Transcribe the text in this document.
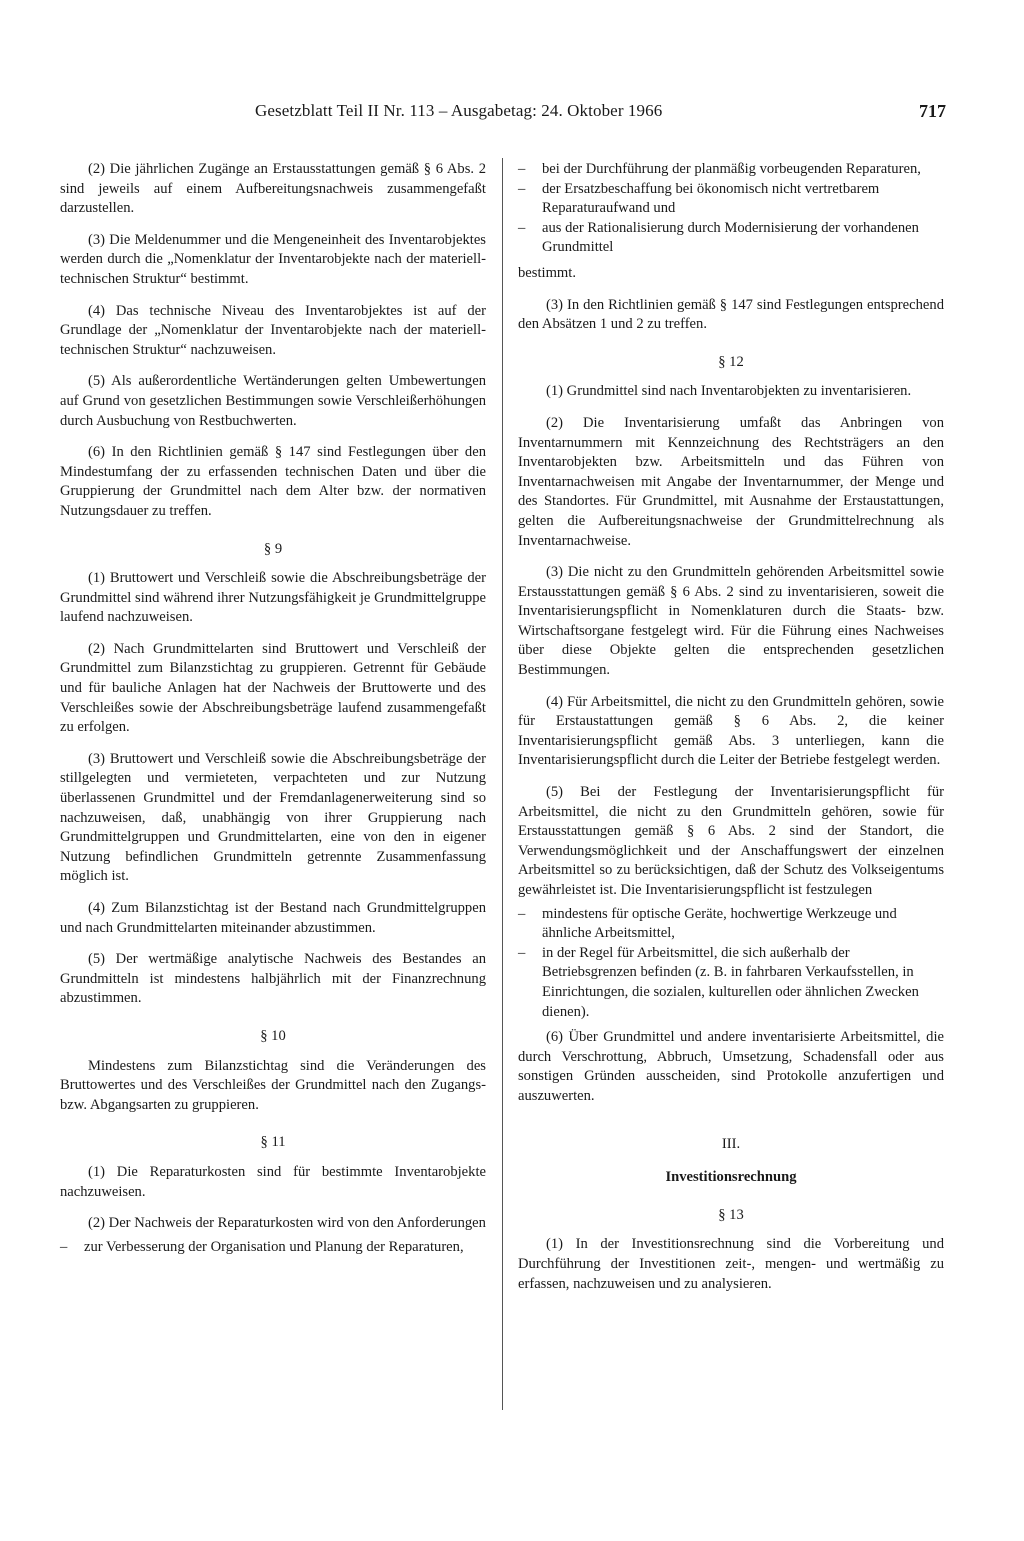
Gesetzblatt Teil II Nr. 113 – Ausgabetag: 24. Oktober 1966	717

(2) Die jährlichen Zugänge an Erstausstattungen gemäß § 6 Abs. 2 sind jeweils auf einem Aufbereitungsnachweis zusammengefaßt darzustellen.

(3) Die Meldenummer und die Mengeneinheit des Inventarobjektes werden durch die „Nomenklatur der Inventarobjekte nach der materiell-technischen Struktur“ bestimmt.

(4) Das technische Niveau des Inventarobjektes ist auf der Grundlage der „Nomenklatur der Inventarobjekte nach der materiell-technischen Struktur“ nachzuweisen.

(5) Als außerordentliche Wertänderungen gelten Umbewertungen auf Grund von gesetzlichen Bestimmungen sowie Verschleißerhöhungen durch Ausbuchung von Restbuchwerten.

(6) In den Richtlinien gemäß § 147 sind Festlegungen über den Mindestumfang der zu erfassenden technischen Daten und über die Gruppierung der Grundmittel nach dem Alter bzw. der normativen Nutzungsdauer zu treffen.

§ 9

(1) Bruttowert und Verschleiß sowie die Abschreibungsbeträge der Grundmittel sind während ihrer Nutzungsfähigkeit je Grundmittelgruppe laufend nachzuweisen.

(2) Nach Grundmittelarten sind Bruttowert und Verschleiß der Grundmittel zum Bilanzstichtag zu gruppieren. Getrennt für Gebäude und für bauliche Anlagen hat der Nachweis der Bruttowerte und des Verschleißes sowie der Abschreibungsbeträge laufend zusammengefaßt zu erfolgen.

(3) Bruttowert und Verschleiß sowie die Abschreibungsbeträge der stillgelegten und vermieteten, verpachteten und zur Nutzung überlassenen Grundmittel und der Fremdanlagenerweiterung sind so nachzuweisen, daß, unabhängig von ihrer Gruppierung nach Grundmittelgruppen und Grundmittelarten, eine von den in eigener Nutzung befindlichen Grundmitteln getrennte Zusammenfassung möglich ist.

(4) Zum Bilanzstichtag ist der Bestand nach Grundmittelgruppen und nach Grundmittelarten miteinander abzustimmen.

(5) Der wertmäßige analytische Nachweis des Bestandes an Grundmitteln ist mindestens halbjährlich mit der Finanzrechnung abzustimmen.

§ 10

Mindestens zum Bilanzstichtag sind die Veränderungen des Bruttowertes und des Verschleißes der Grundmittel nach den Zugangs- bzw. Abgangsarten zu gruppieren.

§ 11

(1) Die Reparaturkosten sind für bestimmte Inventarobjekte nachzuweisen.

(2) Der Nachweis der Reparaturkosten wird von den Anforderungen

– zur Verbesserung der Organisation und Planung der Reparaturen,
– bei der Durchführung der planmäßig vorbeugenden Reparaturen,
– der Ersatzbeschaffung bei ökonomisch nicht vertretbarem Reparaturaufwand und
– aus der Rationalisierung durch Modernisierung der vorhandenen Grundmittel

bestimmt.

(3) In den Richtlinien gemäß § 147 sind Festlegungen entsprechend den Absätzen 1 und 2 zu treffen.

§ 12

(1) Grundmittel sind nach Inventarobjekten zu inventarisieren.

(2) Die Inventarisierung umfaßt das Anbringen von Inventarnummern mit Kennzeichnung des Rechtsträgers an den Inventarobjekten bzw. Arbeitsmitteln und das Führen von Inventarnachweisen mit Angabe der Inventarnummer, der Menge und des Standortes. Für Grundmittel, mit Ausnahme der Erstaustattungen, gelten die Aufbereitungsnachweise der Grundmittelrechnung als Inventarnachweise.

(3) Die nicht zu den Grundmitteln gehörenden Arbeitsmittel sowie Erstausstattungen gemäß § 6 Abs. 2 sind zu inventarisieren, soweit die Inventarisierungspflicht in Nomenklaturen durch die Staats- bzw. Wirtschaftsorgane festgelegt wird. Für die Führung eines Nachweises über diese Objekte gelten die entsprechenden gesetzlichen Bestimmungen.

(4) Für Arbeitsmittel, die nicht zu den Grundmitteln gehören, sowie für Erstaustattungen gemäß § 6 Abs. 2, die keiner Inventarisierungspflicht gemäß Abs. 3 unterliegen, kann die Inventarisierungspflicht durch die Leiter der Betriebe festgelegt werden.

(5) Bei der Festlegung der Inventarisierungspflicht für Arbeitsmittel, die nicht zu den Grundmitteln gehören, sowie für Erstausstattungen gemäß § 6 Abs. 2 sind der Standort, die Verwendungsmöglichkeit und der Anschaffungswert der einzelnen Arbeitsmittel so zu berücksichtigen, daß der Schutz des Volkseigentums gewährleistet ist. Die Inventarisierungspflicht ist festzulegen

– mindestens für optische Geräte, hochwertige Werkzeuge und ähnliche Arbeitsmittel,
– in der Regel für Arbeitsmittel, die sich außerhalb der Betriebsgrenzen befinden (z. B. in fahrbaren Verkaufsstellen, in Einrichtungen, die sozialen, kulturellen oder ähnlichen Zwecken dienen).

(6) Über Grundmittel und andere inventarisierte Arbeitsmittel, die durch Verschrottung, Abbruch, Umsetzung, Schadensfall oder aus sonstigen Gründen ausscheiden, sind Protokolle anzufertigen und auszuwerten.

III.

Investitionsrechnung

§ 13

(1) In der Investitionsrechnung sind die Vorbereitung und Durchführung der Investitionen zeit-, mengen- und wertmäßig zu erfassen, nachzuweisen und zu analysieren.
